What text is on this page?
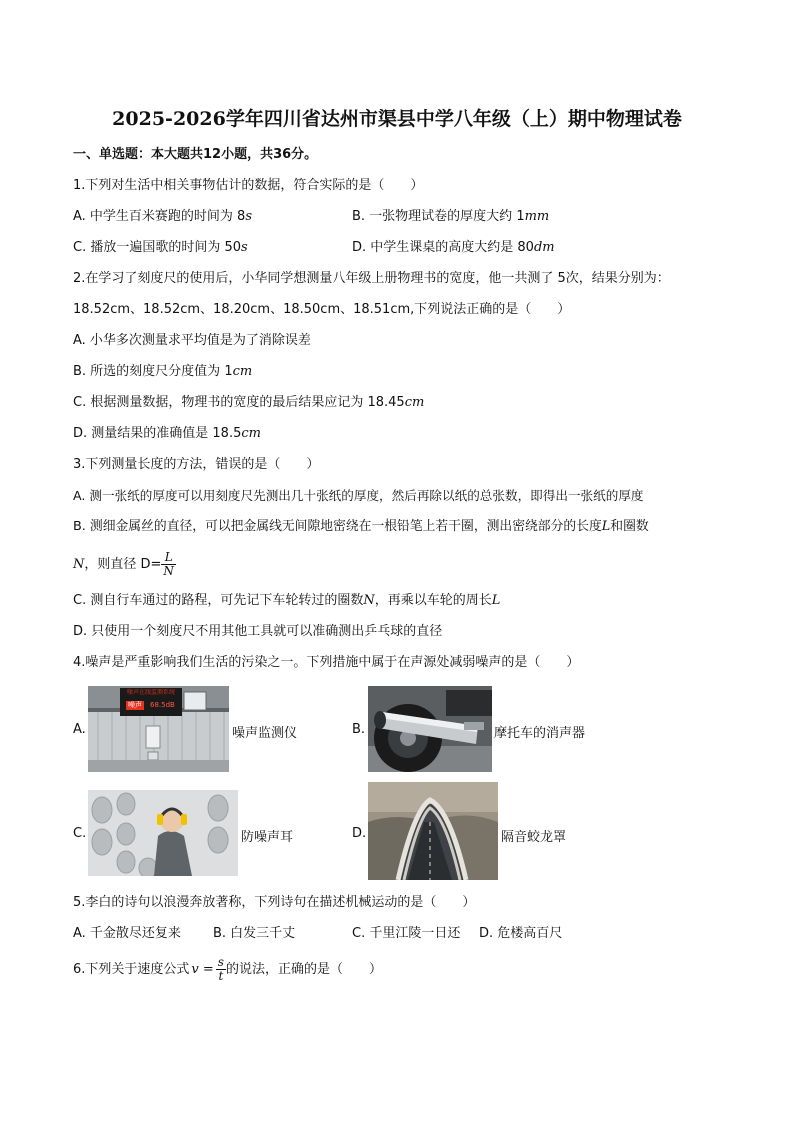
2025-2026学年四川省达州市渠县中学八年级（上）期中物理试卷
一、单选题：本大题共12小题，共36分。
1.下列对生活中相关事物估计的数据，符合实际的是（　　）
A. 中学生百米赛跑的时间为 8s	B. 一张物理试卷的厚度大约 1mm
C. 播放一遍国歌的时间为 50s	D. 中学生课桌的高度大约是 80dm
2.在学习了刻度尺的使用后，小华同学想测量八年级上册物理书的宽度，他一共测了 5次，结果分别为：
18.52cm、18.52cm、18.20cm、18.50cm、18.51cm,下列说法正确的是（　　）
A. 小华多次测量求平均值是为了消除误差
B. 所选的刻度尺分度值为 1cm
C. 根据测量数据，物理书的宽度的最后结果应记为 18.45cm
D. 测量结果的准确值是 18.5cm
3.下列测量长度的方法，错误的是（　　）
A. 测一张纸的厚度可以用刻度尺先测出几十张纸的厚度，然后再除以纸的总张数，即得出一张纸的厚度
B. 测细金属丝的直径，可以把金属线无间隙地密绕在一根铅笔上若干圈，测出密绕部分的长度L和圈数
N，则直径 $D= \frac{L}{N}$
C. 测自行车通过的路程，可先记下车轮转过的圈数N，再乘以车轮的周长L
D. 只使用一个刻度尺不用其他工具就可以准确测出乒乓球的直径
4.噪声是严重影响我们生活的污染之一。下列措施中属于在声源处减弱噪声的是（　　）
A.
噪声在线监测系统
噪声 68.5dB
噪声监测仪	B.	摩托车的消声器
C.	防噪声耳	D.	隔音蛟龙罩
5.李白的诗句以浪漫奔放著称，下列诗句在描述机械运动的是（　　）
A. 千金散尽还复来 B. 白发三千丈	C. 千里江陵一日还 D. 危楼高百尺
6.下列关于速度公式 $v = \frac{s}{t}$ 的说法，正确的是（　　）
